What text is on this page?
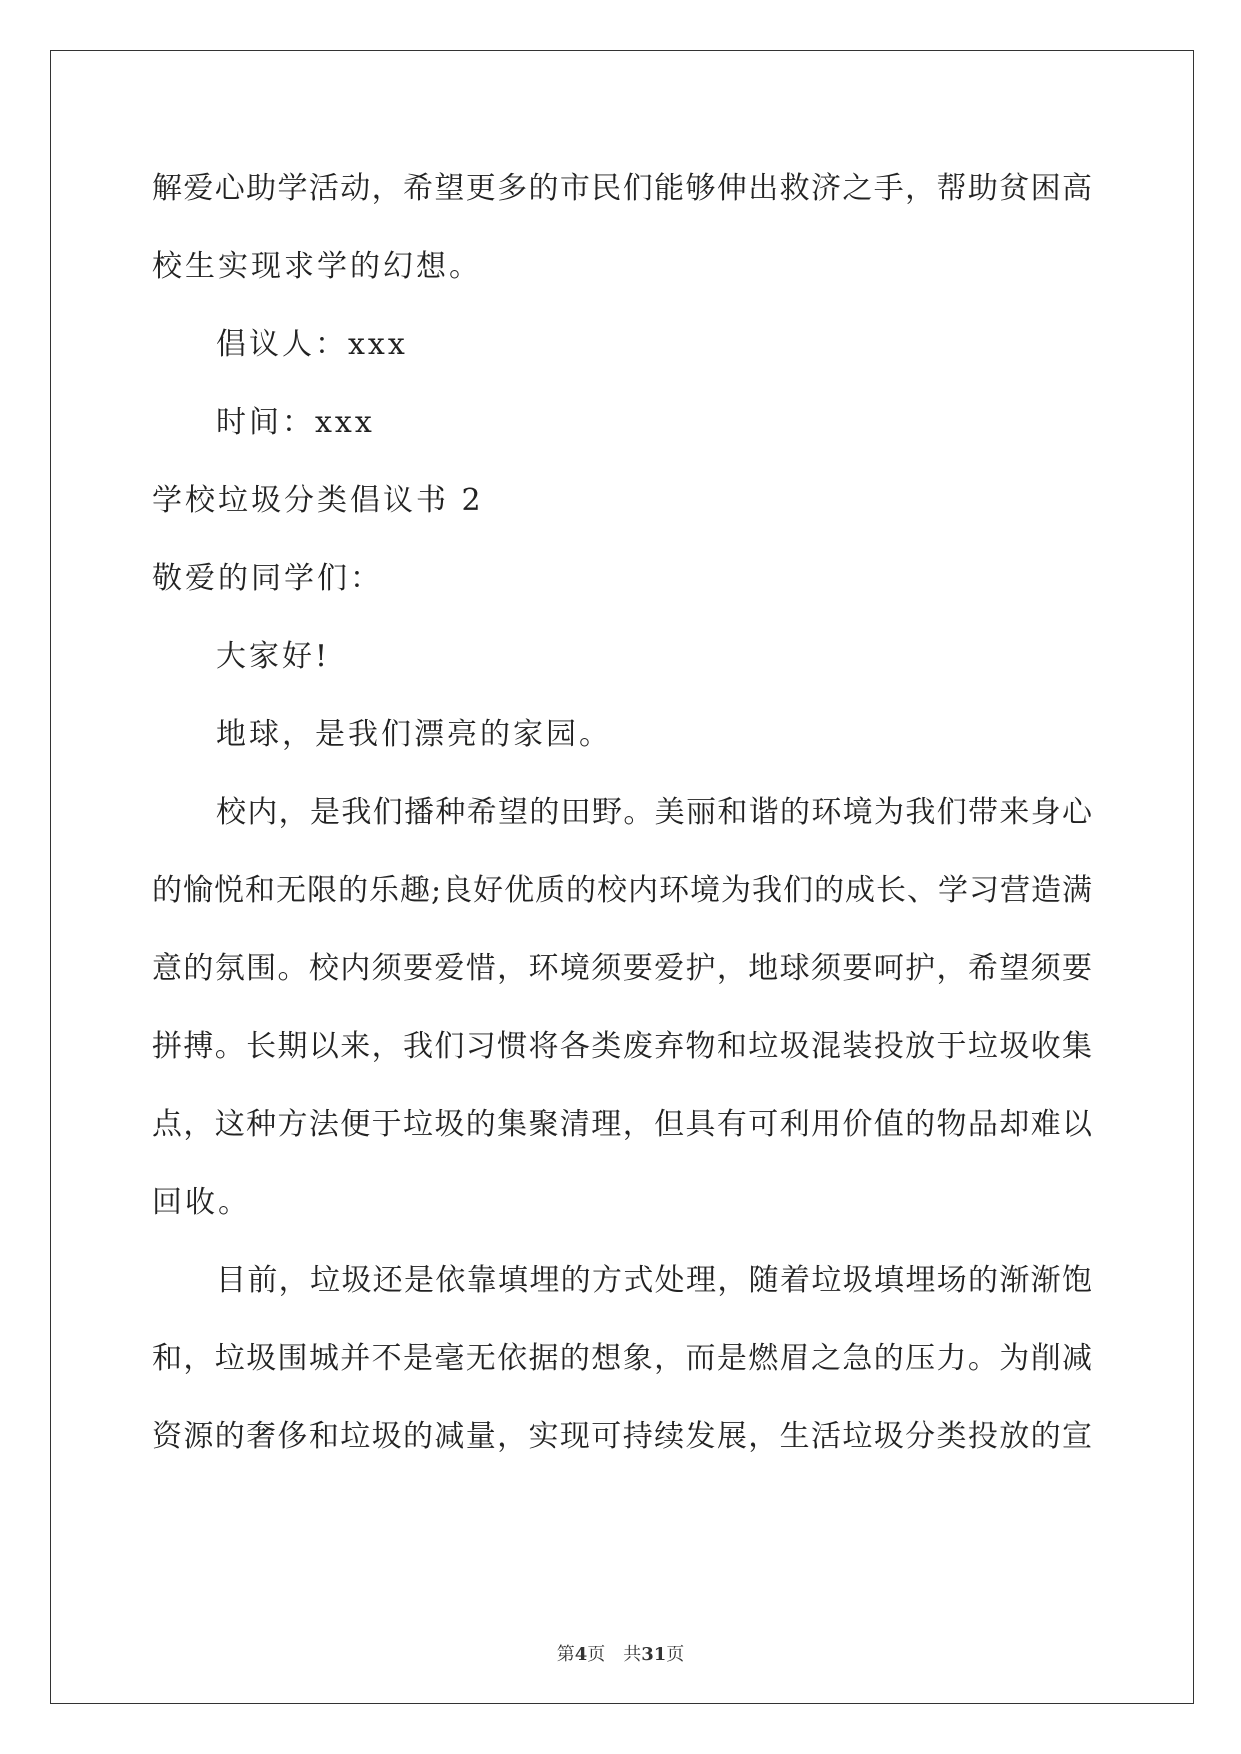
解爱心助学活动，希望更多的市民们能够伸出救济之手，帮助贫困高
校生实现求学的幻想。
倡议人：xxx
时间：xxx
学校垃圾分类倡议书 2
敬爱的同学们：
大家好!
地球，是我们漂亮的家园。
校内，是我们播种希望的田野。美丽和谐的环境为我们带来身心
的愉悦和无限的乐趣;良好优质的校内环境为我们的成长、学习营造满
意的氛围。校内须要爱惜，环境须要爱护，地球须要呵护，希望须要
拼搏。长期以来，我们习惯将各类废弃物和垃圾混装投放于垃圾收集
点，这种方法便于垃圾的集聚清理，但具有可利用价值的物品却难以
回收。
目前，垃圾还是依靠填埋的方式处理，随着垃圾填埋场的渐渐饱
和，垃圾围城并不是毫无依据的想象，而是燃眉之急的压力。为削减
资源的奢侈和垃圾的减量，实现可持续发展，生活垃圾分类投放的宣
第4页 共31页
